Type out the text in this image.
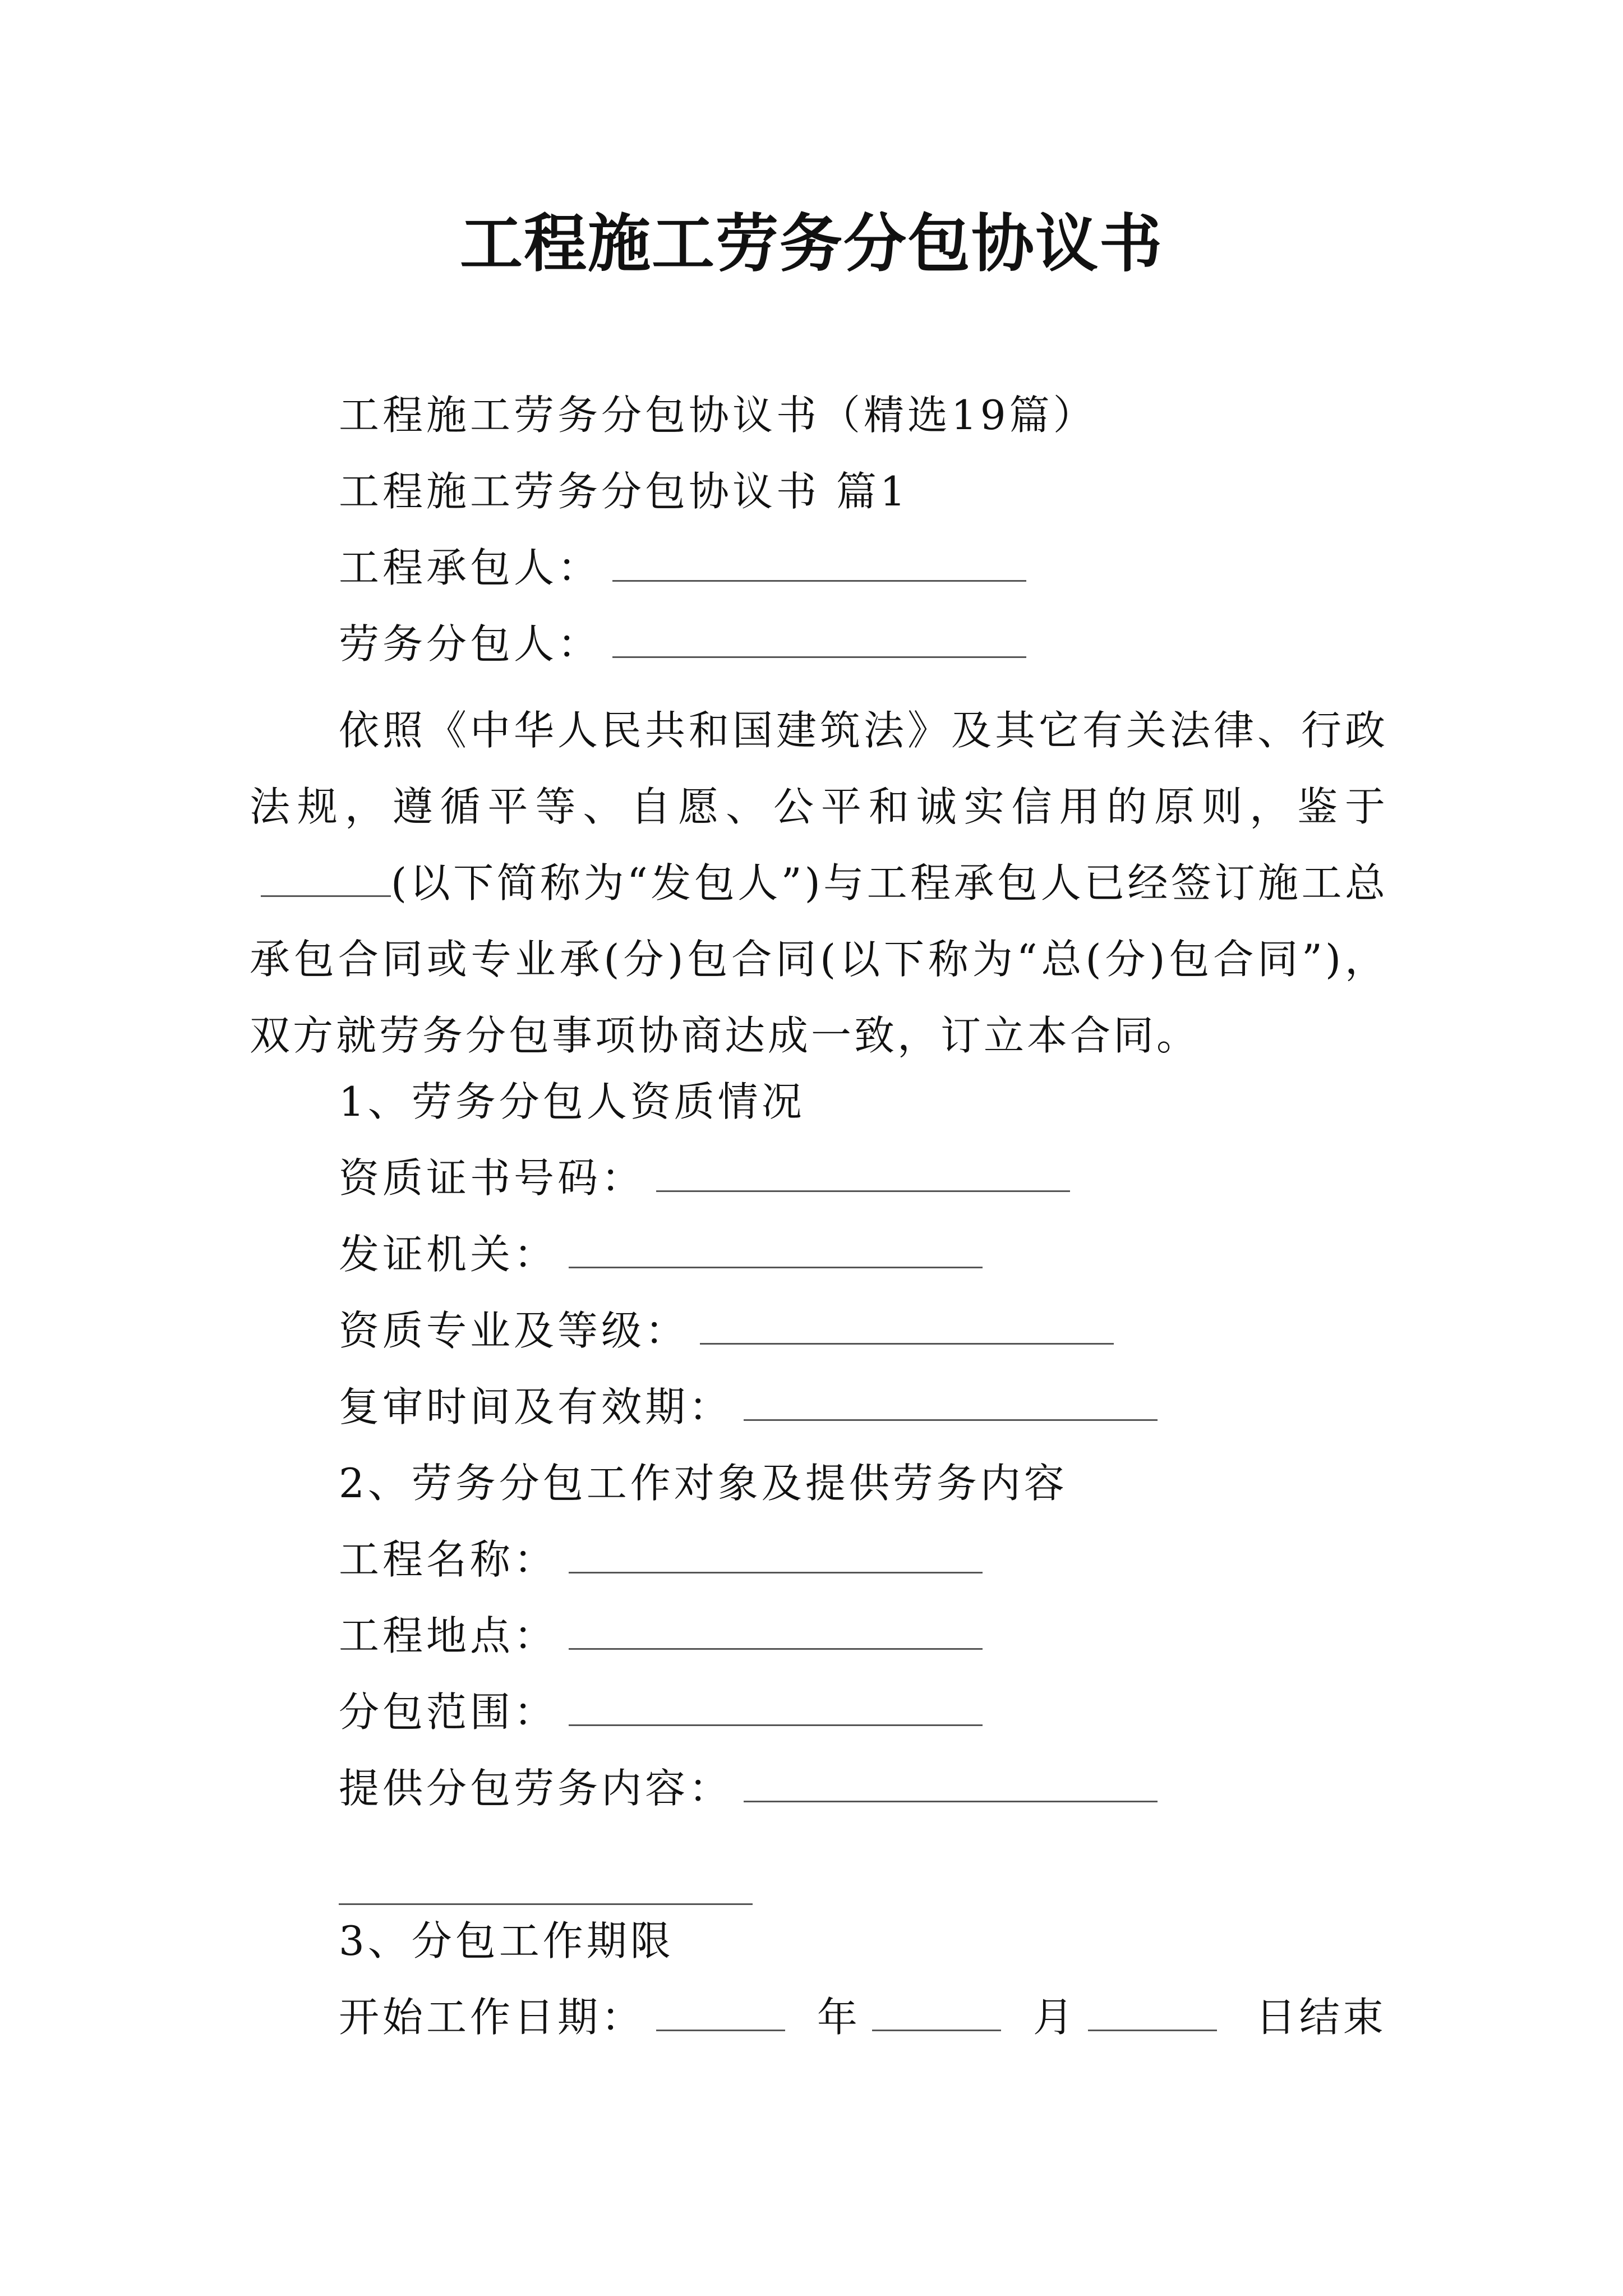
工程施工劳务分包协议书
工程施工劳务分包协议书（精选19篇）
工程施工劳务分包协议书 篇1
工程承包人：
劳务分包人：
依照《中华人民共和国建筑法》及其它有关法律、行政法规，遵循平等、自愿、公平和诚实信用的原则，鉴于(以下简称为“发包人”)与工程承包人已经签订施工总承包合同或专业承(分)包合同(以下称为“总(分)包合同”)，双方就劳务分包事项协商达成一致，订立本合同。
1、劳务分包人资质情况
资质证书号码：
发证机关：
资质专业及等级：
复审时间及有效期：
2、劳务分包工作对象及提供劳务内容
工程名称：
工程地点：
分包范围：
提供分包劳务内容：
3、分包工作期限
开始工作日期：	年	月	日结束
